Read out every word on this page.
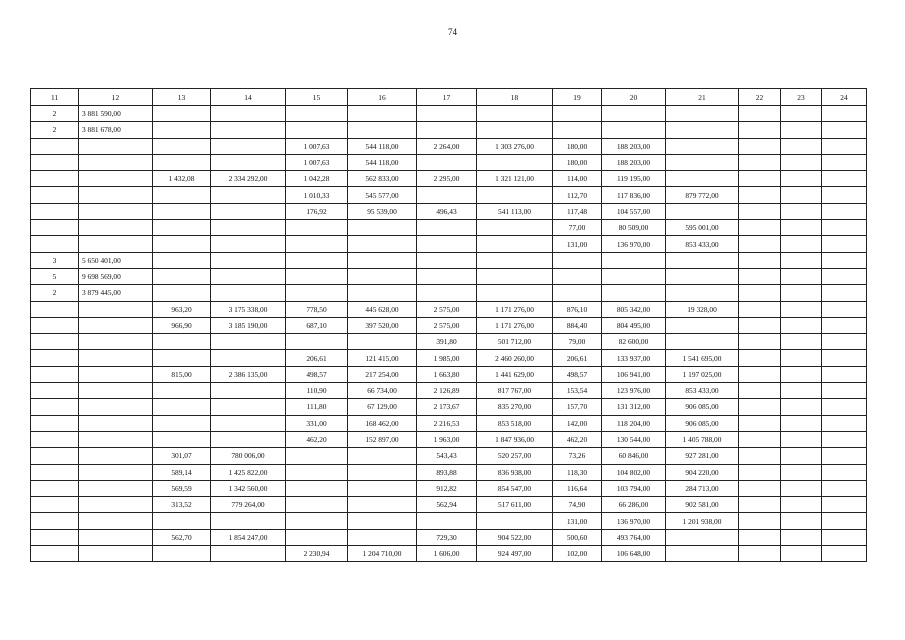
74
11	12	13	14	15	16	17	18	19	20	21	22	23	24
2	3 881 590,00												
2	3 881 678,00												
				1 007,63	544 118,00	2 264,00	1 303 276,00	180,00	188 203,00				
				1 007,63	544 118,00			180,00	188 203,00				
		1 432,08	2 334 292,00	1 042,28	562 833,00	2 295,00	1 321 121,00	114,00	119 195,00				
				1 010,33	545 577,00			112,70	117 836,00	879 772,00			
				176,92	95 539,00	496,43	541 113,00	117,48	104 557,00				
								77,00	80 509,00	595 001,00			
								131,00	136 970,00	853 433,00			
3	5 650 401,00												
5	9 698 569,00												
2	3 879 445,00												
		963,20	3 175 338,00	778,50	445 628,00	2 575,00	1 171 276,00	876,10	805 342,00	19 328,00			
		966,90	3 185 190,00	687,10	397 520,00	2 575,00	1 171 276,00	884,40	804 495,00				
						391,80	501 712,00	79,00	82 600,00				
				206,61	121 415,00	1 985,00	2 460 260,00	206,61	133 937,00	1 541 695,00			
		815,00	2 386 135,00	498,57	217 254,00	1 663,80	1 441 629,00	498,57	106 941,00	1 197 025,00			
				110,90	66 734,00	2 126,89	817 767,00	153,54	123 976,00	853 433,00			
				111,80	67 129,00	2 173,67	835 270,00	157,70	131 312,00	906 085,00			
				331,00	168 462,00	2 216,53	853 518,00	142,00	118 204,00	906 085,00			
				462,20	152 897,00	1 963,00	1 847 936,00	462,20	130 544,00	1 405 788,00			
		301,07	780 006,00			543,43	520 257,00	73,26	60 846,00	927 281,00			
		589,14	1 425 822,00			893,88	836 938,00	118,30	104 802,00	904 220,00			
		569,59	1 342 560,00			912,82	854 547,00	116,64	103 794,00	284 713,00			
		313,52	779 264,00			562,94	517 611,00	74,90	66 286,00	902 581,00			
								131,00	136 970,00	1 201 938,00			
		562,70	1 854 247,00			729,30	904 522,00	500,60	493 764,00				
				2 230,94	1 204 710,00	1 606,00	924 497,00	102,00	106 648,00				
